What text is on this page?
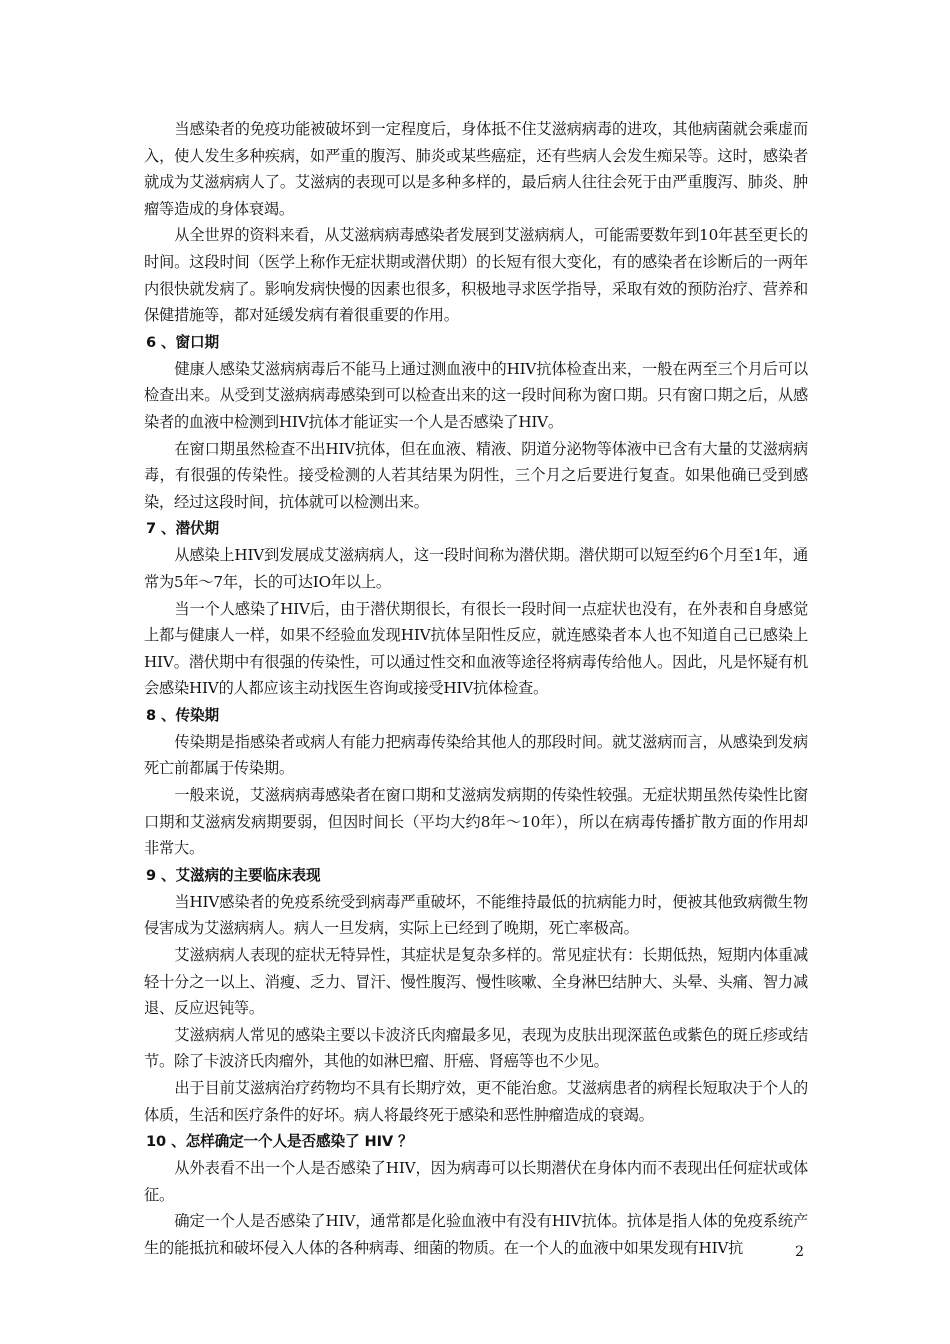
当感染者的免疫功能被破坏到一定程度后，身体抵不住艾滋病病毒的进攻，其他病菌就会乘虚而入，使人发生多种疾病，如严重的腹泻、肺炎或某些癌症，还有些病人会发生痴呆等。这时，感染者就成为艾滋病病人了。艾滋病的表现可以是多种多样的，最后病人往往会死于由严重腹泻、肺炎、肿瘤等造成的身体衰竭。

从全世界的资料来看，从艾滋病病毒感染者发展到艾滋病病人，可能需要数年到10年甚至更长的时间。这段时间（医学上称作无症状期或潜伏期）的长短有很大变化，有的感染者在诊断后的一两年内很快就发病了。影响发病快慢的因素也很多，积极地寻求医学指导，采取有效的预防治疗、营养和保健措施等，都对延缓发病有着很重要的作用。

6 、窗口期

健康人感染艾滋病病毒后不能马上通过测血液中的HIV抗体检查出来，一般在两至三个月后可以检查出来。从受到艾滋病病毒感染到可以检查出来的这一段时间称为窗口期。只有窗口期之后，从感染者的血液中检测到HIV抗体才能证实一个人是否感染了HIV。

在窗口期虽然检查不出HIV抗体，但在血液、精液、阴道分泌物等体液中已含有大量的艾滋病病毒，有很强的传染性。接受检测的人若其结果为阴性，三个月之后要进行复查。如果他确已受到感染，经过这段时间，抗体就可以检测出来。

7 、潜伏期

从感染上HIV到发展成艾滋病病人，这一段时间称为潜伏期。潜伏期可以短至约6个月至1年，通常为5年～7年，长的可达IO年以上。

当一个人感染了HIV后，由于潜伏期很长，有很长一段时间一点症状也没有，在外表和自身感觉上都与健康人一样，如果不经验血发现HIV抗体呈阳性反应，就连感染者本人也不知道自己已感染上HIV。潜伏期中有很强的传染性，可以通过性交和血液等途径将病毒传给他人。因此，凡是怀疑有机会感染HIV的人都应该主动找医生咨询或接受HIV抗体检查。

8 、传染期

传染期是指感染者或病人有能力把病毒传染给其他人的那段时间。就艾滋病而言，从感染到发病死亡前都属于传染期。

一般来说，艾滋病病毒感染者在窗口期和艾滋病发病期的传染性较强。无症状期虽然传染性比窗口期和艾滋病发病期要弱，但因时间长（平均大约8年～10年），所以在病毒传播扩散方面的作用却非常大。

9 、艾滋病的主要临床表现

当HIV感染者的免疫系统受到病毒严重破坏，不能维持最低的抗病能力时，便被其他致病微生物侵害成为艾滋病病人。病人一旦发病，实际上已经到了晚期，死亡率极高。

艾滋病病人表现的症状无特异性，其症状是复杂多样的。常见症状有：长期低热，短期内体重减轻十分之一以上、消瘦、乏力、冒汗、慢性腹泻、慢性咳嗽、全身淋巴结肿大、头晕、头痛、智力减退、反应迟钝等。

艾滋病病人常见的感染主要以卡波济氏肉瘤最多见，表现为皮肤出现深蓝色或紫色的斑丘疹或结节。除了卡波济氏肉瘤外，其他的如淋巴瘤、肝癌、肾癌等也不少见。

出于目前艾滋病治疗药物均不具有长期疗效，更不能治愈。艾滋病患者的病程长短取决于个人的体质，生活和医疗条件的好坏。病人将最终死于感染和恶性肿瘤造成的衰竭。

10 、怎样确定一个人是否感染了 HIV ？

从外表看不出一个人是否感染了HIV，因为病毒可以长期潜伏在身体内而不表现出任何症状或体征。

确定一个人是否感染了HIV，通常都是化验血液中有没有HIV抗体。抗体是指人体的免疫系统产生的能抵抗和破坏侵入人体的各种病毒、细菌的物质。在一个人的血液中如果发现有HIV抗	2
